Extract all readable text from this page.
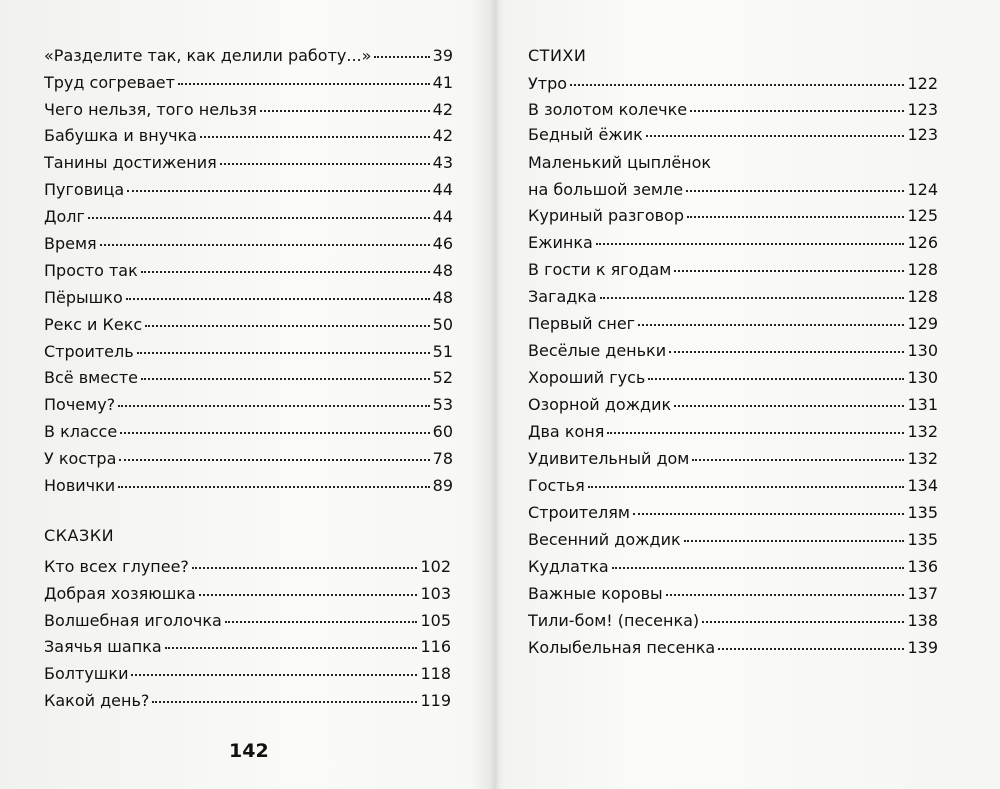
«Разделите так, как делили работу...»	39
Труд согревает	41
Чего нельзя, того нельзя	42
Бабушка и внучка	42
Танины достижения	43
Пуговица	44
Долг	44
Время	46
Просто так	48
Пёрышко	48
Рекс и Кекс	50
Строитель	51
Всё вместе	52
Почему?	53
В классе	60
У костра	78
Новички	89
СКАЗКИ
Кто всех глупее?	102
Добрая хозяюшка	103
Волшебная иголочка	105
Заячья шапка	116
Болтушки	118
Какой день?	119
142
СТИХИ
Утро	122
В золотом колечке	123
Бедный ёжик	123
Маленький цыплёнок
на большой земле	124
Куриный разговор	125
Ежинка	126
В гости к ягодам	128
Загадка	128
Первый снег	129
Весёлые деньки	130
Хороший гусь	130
Озорной дождик	131
Два коня	132
Удивительный дом	132
Гостья	134
Строителям	135
Весенний дождик	135
Кудлатка	136
Важные коровы	137
Тили-бом! (песенка)	138
Колыбельная песенка	139
